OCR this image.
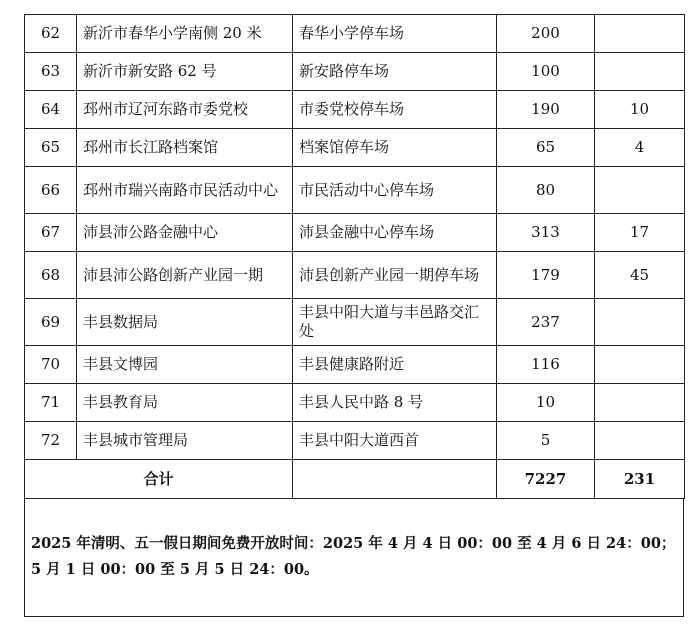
62	新沂市春华小学南侧 20 米	春华小学停车场	200	
63	新沂市新安路 62 号	新安路停车场	100	
64	邳州市辽河东路市委党校	市委党校停车场	190	10
65	邳州市长江路档案馆	档案馆停车场	65	4
66	邳州市瑞兴南路市民活动中心	市民活动中心停车场	80	
67	沛县沛公路金融中心	沛县金融中心停车场	313	17
68	沛县沛公路创新产业园一期	沛县创新产业园一期停车场	179	45
69	丰县数据局	丰县中阳大道与丰邑路交汇处	237	
70	丰县文博园	丰县健康路附近	116	
71	丰县教育局	丰县人民中路 8 号	10	
72	丰县城市管理局	丰县中阳大道西首	5	
合计			7227	231
2025 年清明、五一假日期间免费开放时间：2025 年 4 月 4 日 00：00 至 4 月 6 日 24：00；
5 月 1 日 00：00 至 5 月 5 日 24：00。
